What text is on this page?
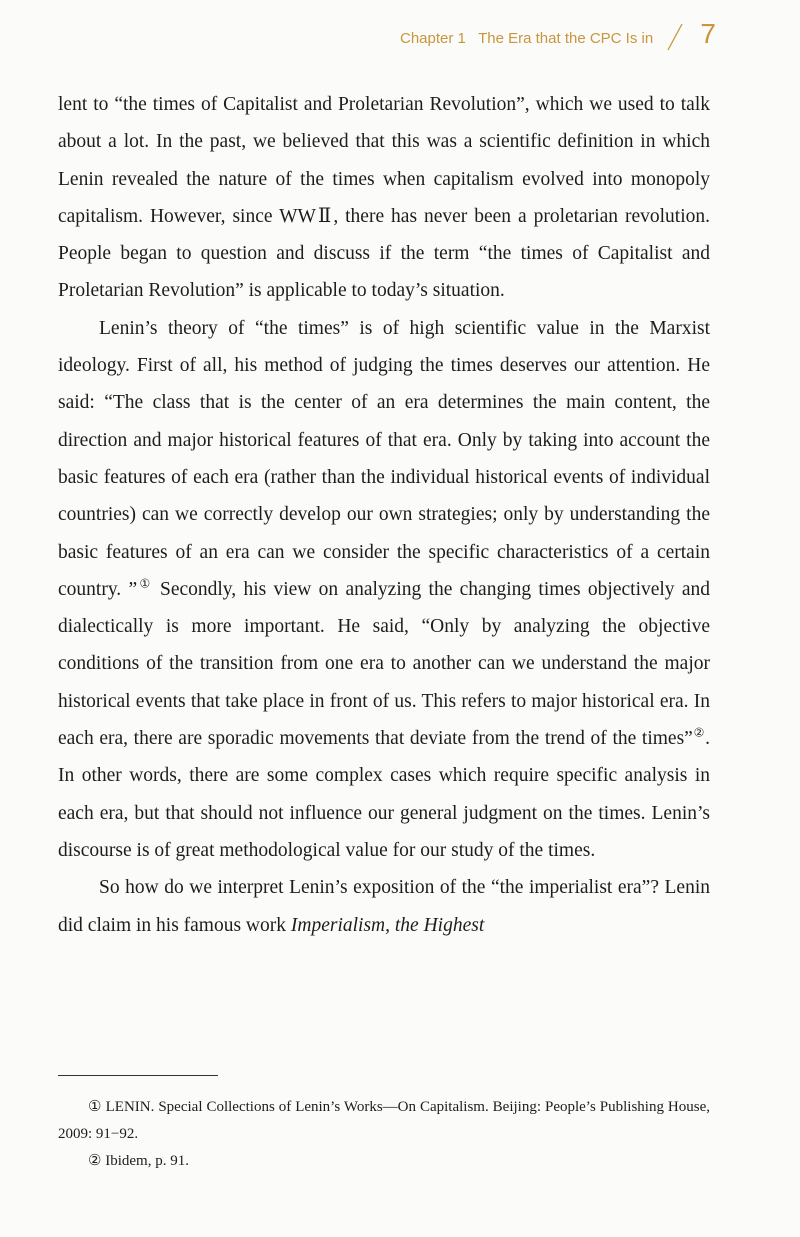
Chapter 1 The Era that the CPC Is in 7

lent to “the times of Capitalist and Proletarian Revolution”, which we used to talk about a lot. In the past, we believed that this was a scientific definition in which Lenin revealed the nature of the times when capitalism evolved into monopoly capitalism. However, since WWⅡ, there has never been a proletarian revolution. People began to question and discuss if the term “the times of Capitalist and Proletarian Revolution” is applicable to today’s situation.

Lenin’s theory of “the times” is of high scientific value in the Marxist ideology. First of all, his method of judging the times deserves our attention. He said: “The class that is the center of an era determines the main content, the direction and major historical features of that era. Only by taking into account the basic features of each era (rather than the individual historical events of individual countries) can we correctly develop our own strategies; only by understanding the basic features of an era can we consider the specific characteristics of a certain country. ”① Secondly, his view on analyzing the changing times objectively and dialectically is more important. He said, “Only by analyzing the objective conditions of the transition from one era to another can we understand the major historical events that take place in front of us. This refers to major historical era. In each era, there are sporadic movements that deviate from the trend of the times”②. In other words, there are some complex cases which require specific analysis in each era, but that should not influence our general judgment on the times. Lenin’s discourse is of great methodological value for our study of the times.

So how do we interpret Lenin’s exposition of the “the imperialist era”? Lenin did claim in his famous work Imperialism, the Highest

① LENIN. Special Collections of Lenin’s Works—On Capitalism. Beijing: People’s Publishing House, 2009: 91−92.

② Ibidem, p. 91.
